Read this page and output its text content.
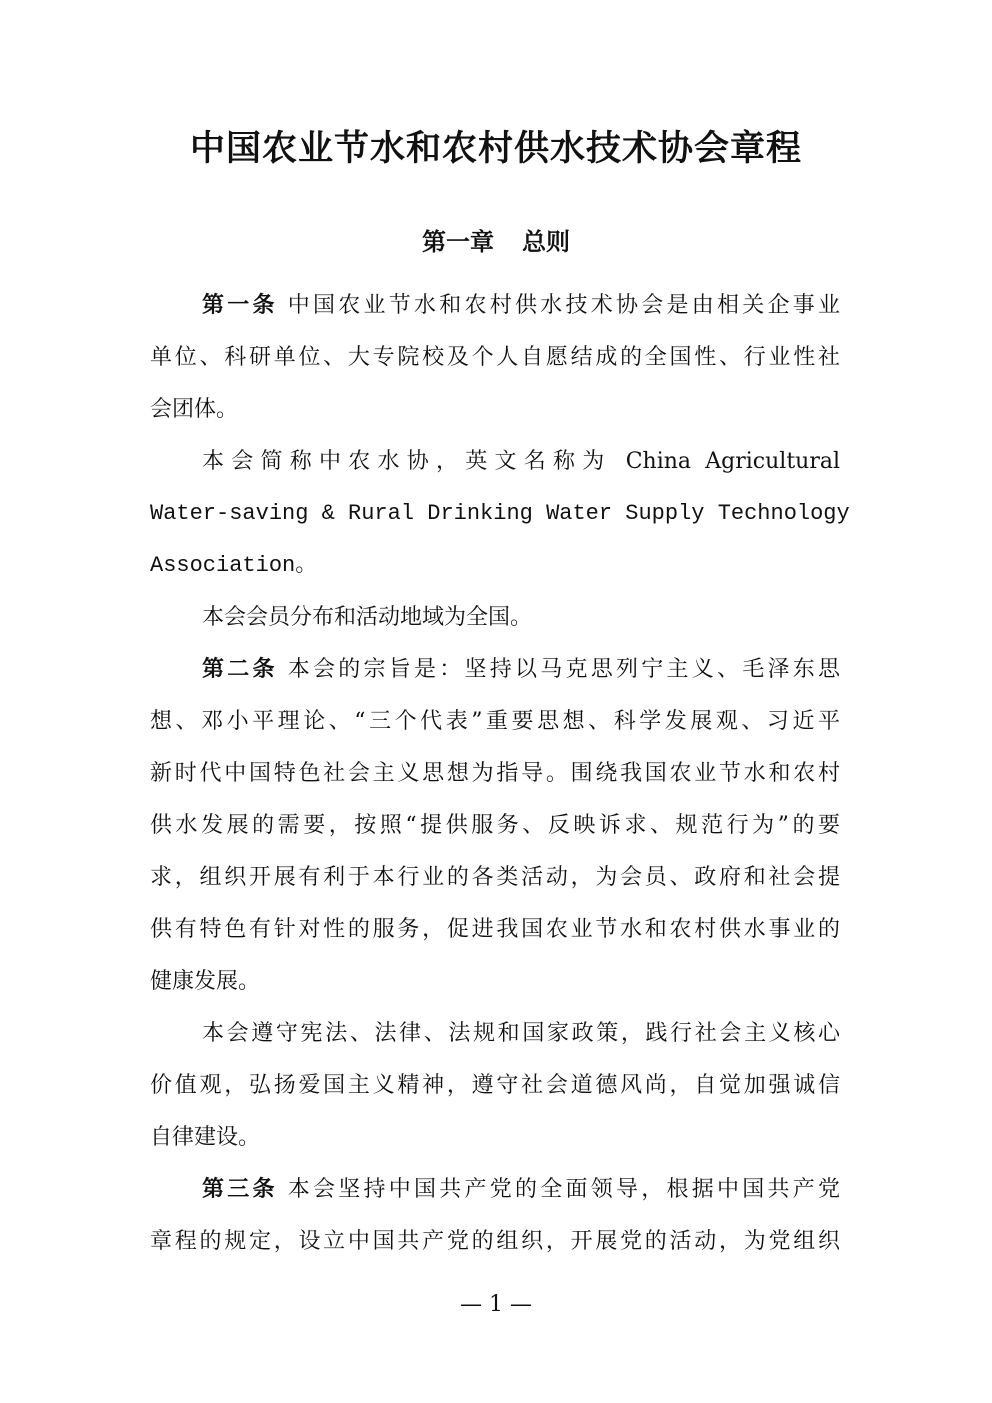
中国农业节水和农村供水技术协会章程
第一章 总则
第一条 中国农业节水和农村供水技术协会是由相关企事业
单位、科研单位、大专院校及个人自愿结成的全国性、行业性社
会团体。
本会简称中农水协，英文名称为 China Agricultural
Water-saving & Rural Drinking Water Supply Technology
Association。
本会会员分布和活动地域为全国。
第二条 本会的宗旨是：坚持以马克思列宁主义、毛泽东思
想、邓小平理论、“三个代表”重要思想、科学发展观、习近平
新时代中国特色社会主义思想为指导。围绕我国农业节水和农村
供水发展的需要，按照“提供服务、反映诉求、规范行为”的要
求，组织开展有利于本行业的各类活动，为会员、政府和社会提
供有特色有针对性的服务，促进我国农业节水和农村供水事业的
健康发展。
本会遵守宪法、法律、法规和国家政策，践行社会主义核心
价值观，弘扬爱国主义精神，遵守社会道德风尚，自觉加强诚信
自律建设。
第三条 本会坚持中国共产党的全面领导，根据中国共产党
章程的规定，设立中国共产党的组织，开展党的活动，为党组织
— 1 —
